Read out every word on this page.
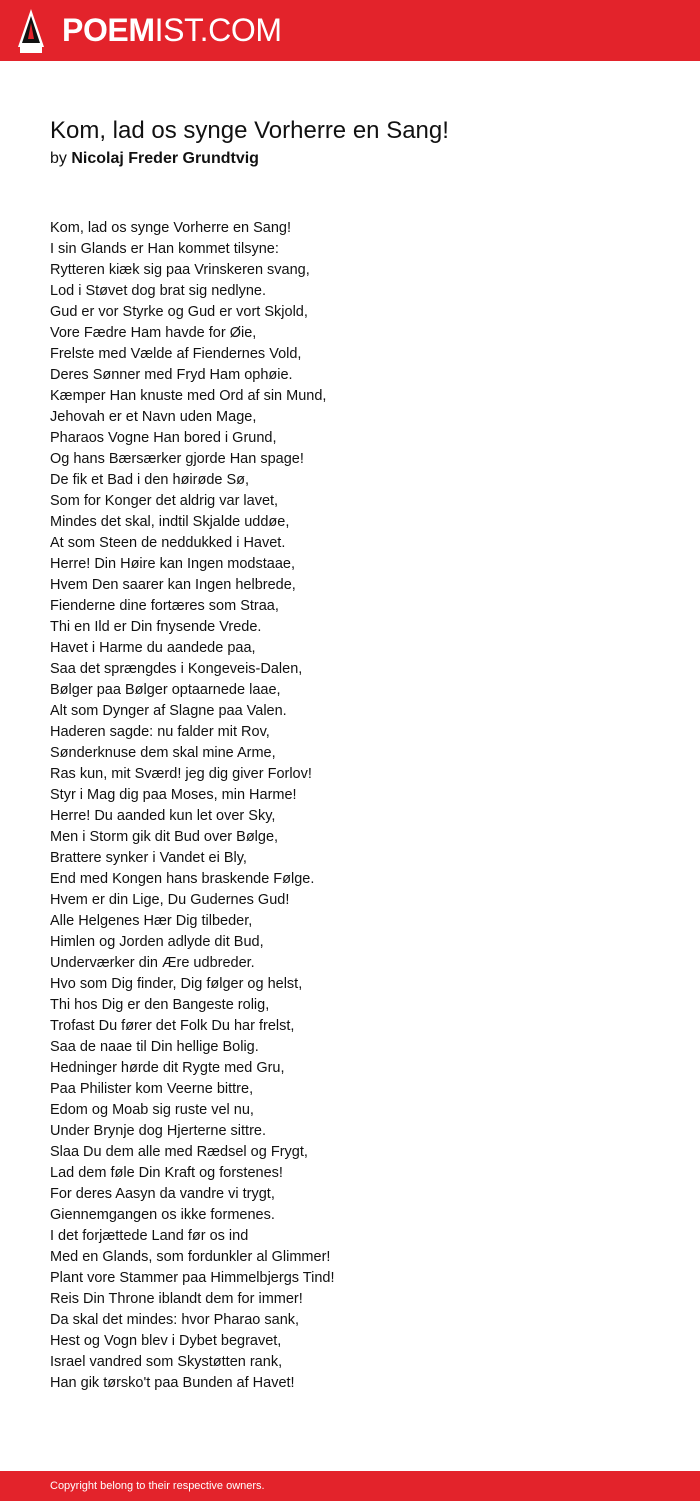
POEMIST.COM
Kom, lad os synge Vorherre en Sang!
by Nicolaj Freder Grundtvig
Kom, lad os synge Vorherre en Sang!
I sin Glands er Han kommet tilsyne:
Rytteren kiæk sig paa Vrinskeren svang,
Lod i Støvet dog brat sig nedlyne.
Gud er vor Styrke og Gud er vort Skjold,
Vore Fædre Ham havde for Øie,
Frelste med Vælde af Fiendernes Vold,
Deres Sønner med Fryd Ham ophøie.
Kæmper Han knuste med Ord af sin Mund,
Jehovah er et Navn uden Mage,
Pharaos Vogne Han bored i Grund,
Og hans Bærsærker gjorde Han spage!
De fik et Bad i den høirøde Sø,
Som for Konger det aldrig var lavet,
Mindes det skal, indtil Skjalde uddøe,
At som Steen de neddukked i Havet.
Herre! Din Høire kan Ingen modstaae,
Hvem Den saarer kan Ingen helbrede,
Fienderne dine fortæres som Straa,
Thi en Ild er Din fnysende Vrede.
Havet i Harme du aandede paa,
Saa det sprængdes i Kongeveis-Dalen,
Bølger paa Bølger optaarnede laae,
Alt som Dynger af Slagne paa Valen.
Haderen sagde: nu falder mit Rov,
Sønderknuse dem skal mine Arme,
Ras kun, mit Sværd! jeg dig giver Forlov!
Styr i Mag dig paa Moses, min Harme!
Herre! Du aanded kun let over Sky,
Men i Storm gik dit Bud over Bølge,
Brattere synker i Vandet ei Bly,
End med Kongen hans braskende Følge.
Hvem er din Lige, Du Gudernes Gud!
Alle Helgenes Hær Dig tilbeder,
Himlen og Jorden adlyde dit Bud,
Underværker din Ære udbreder.
Hvo som Dig finder, Dig følger og helst,
Thi hos Dig er den Bangeste rolig,
Trofast Du fører det Folk Du har frelst,
Saa de naae til Din hellige Bolig.
Hedninger hørde dit Rygte med Gru,
Paa Philister kom Veerne bittre,
Edom og Moab sig ruste vel nu,
Under Brynje dog Hjerterne sittre.
Slaa Du dem alle med Rædsel og Frygt,
Lad dem føle Din Kraft og forstenes!
For deres Aasyn da vandre vi trygt,
Giennemgangen os ikke formenes.
I det forjættede Land før os ind
Med en Glands, som fordunkler al Glimmer!
Plant vore Stammer paa Himmelbjergs Tind!
Reis Din Throne iblandt dem for immer!
Da skal det mindes: hvor Pharao sank,
Hest og Vogn blev i Dybet begravet,
Israel vandred som Skystøtten rank,
Han gik tørsko't paa Bunden af Havet!
Copyright belong to their respective owners.
